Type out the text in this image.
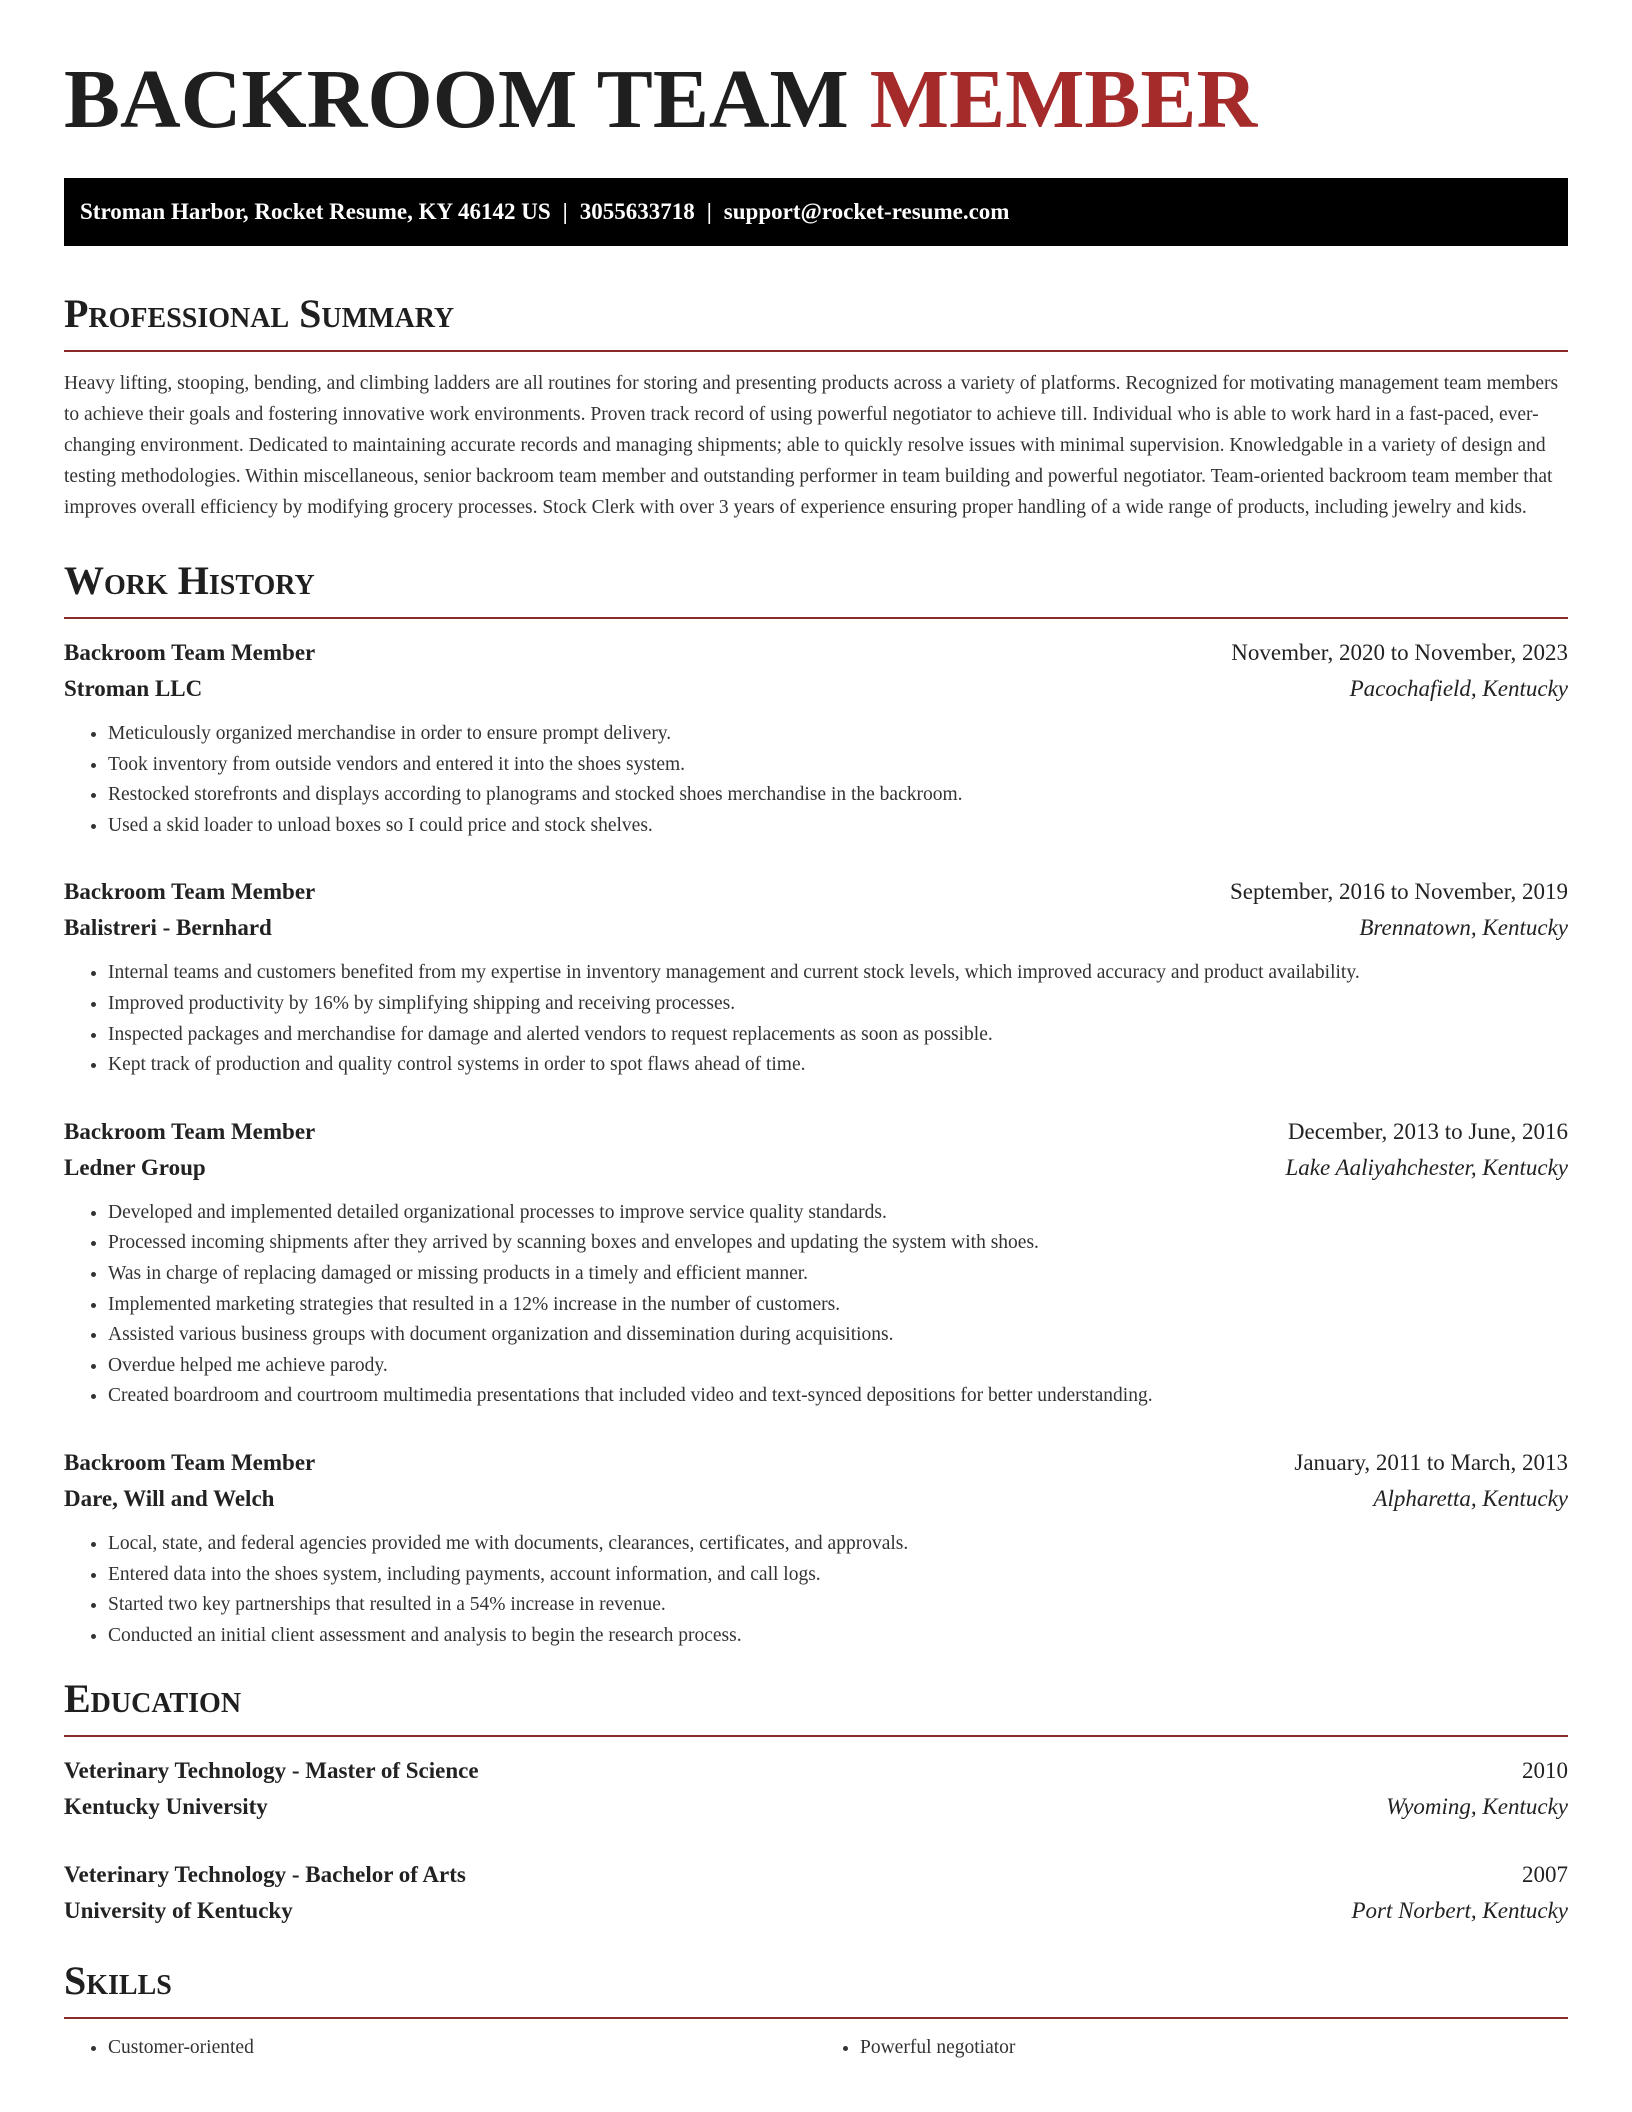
BACKROOM TEAM MEMBER
Stroman Harbor, Rocket Resume, KY 46142 US | 3055633718 | support@rocket-resume.com
Professional Summary

Heavy lifting, stooping, bending, and climbing ladders are all routines for storing and presenting products across a variety of platforms. Recognized for motivating management team members to achieve their goals and fostering innovative work environments. Proven track record of using powerful negotiator to achieve till. Individual who is able to work hard in a fast-paced, ever-changing environment. Dedicated to maintaining accurate records and managing shipments; able to quickly resolve issues with minimal supervision. Knowledgable in a variety of design and testing methodologies. Within miscellaneous, senior backroom team member and outstanding performer in team building and powerful negotiator. Team-oriented backroom team member that improves overall efficiency by modifying grocery processes. Stock Clerk with over 3 years of experience ensuring proper handling of a wide range of products, including jewelry and kids.

Work History
Backroom Team Member	November, 2020 to November, 2023
Stroman LLC	Pacochafield, Kentucky
• Meticulously organized merchandise in order to ensure prompt delivery.
• Took inventory from outside vendors and entered it into the shoes system.
• Restocked storefronts and displays according to planograms and stocked shoes merchandise in the backroom.
• Used a skid loader to unload boxes so I could price and stock shelves.
Backroom Team Member	September, 2016 to November, 2019
Balistreri - Bernhard	Brennatown, Kentucky
• Internal teams and customers benefited from my expertise in inventory management and current stock levels, which improved accuracy and product availability.
• Improved productivity by 16% by simplifying shipping and receiving processes.
• Inspected packages and merchandise for damage and alerted vendors to request replacements as soon as possible.
• Kept track of production and quality control systems in order to spot flaws ahead of time.
Backroom Team Member	December, 2013 to June, 2016
Ledner Group	Lake Aaliyahchester, Kentucky
• Developed and implemented detailed organizational processes to improve service quality standards.
• Processed incoming shipments after they arrived by scanning boxes and envelopes and updating the system with shoes.
• Was in charge of replacing damaged or missing products in a timely and efficient manner.
• Implemented marketing strategies that resulted in a 12% increase in the number of customers.
• Assisted various business groups with document organization and dissemination during acquisitions.
• Overdue helped me achieve parody.
• Created boardroom and courtroom multimedia presentations that included video and text-synced depositions for better understanding.
Backroom Team Member	January, 2011 to March, 2013
Dare, Will and Welch	Alpharetta, Kentucky
• Local, state, and federal agencies provided me with documents, clearances, certificates, and approvals.
• Entered data into the shoes system, including payments, account information, and call logs.
• Started two key partnerships that resulted in a 54% increase in revenue.
• Conducted an initial client assessment and analysis to begin the research process.
Education
Veterinary Technology - Master of Science	2010
Kentucky University	Wyoming, Kentucky
Veterinary Technology - Bachelor of Arts	2007
University of Kentucky	Port Norbert, Kentucky
Skills
• Customer-oriented
•	Powerful negotiator
